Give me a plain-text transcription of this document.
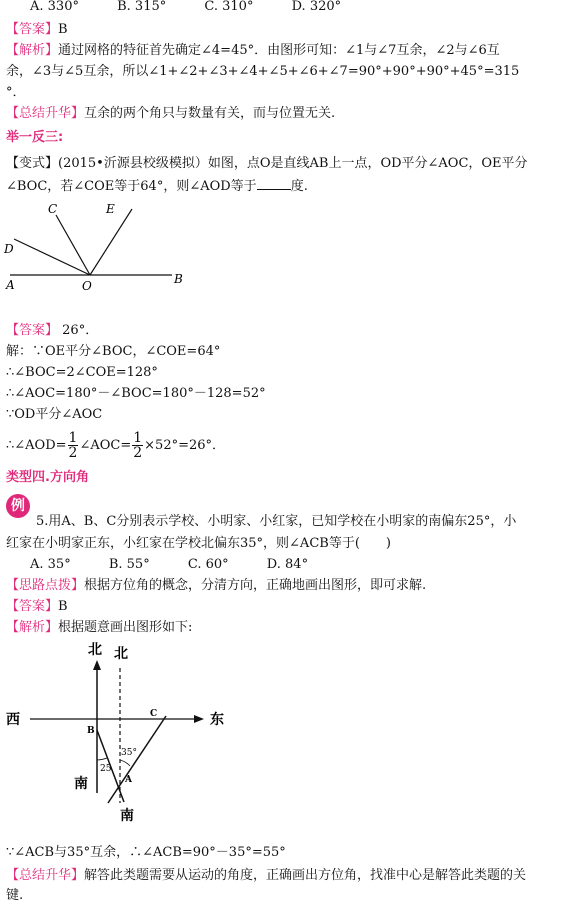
A. 330°	B. 315°	C. 310°	D. 320°
【答案】B
【解析】通过网格的特征首先确定∠4=45°．由图形可知：∠1与∠7互余，∠2与∠6互
余，∠3与∠5互余，所以∠1+∠2+∠3+∠4+∠5+∠6+∠7=90°+90°+90°+45°=315
°．
【总结升华】互余的两个角只与数量有关，而与位置无关.
举一反三:
【变式】(2015•沂源县校级模拟）如图，点O是直线AB上一点，OD平分∠AOC，OE平分
∠BOC，若∠COE等于64°，则∠AOD等于	度.
C	E
D
A	O	B
【答案】 26°．
解：∵OE平分∠BOC，∠COE=64°
∴∠BOC=2∠COE=128°
∴∠AOC=180°－∠BOC=180°－128=52°
∵OD平分∠AOC
∴∠AOD= $\frac{1}{2}$ ∠AOC= $\frac{1}{2} \times 52^\circ=26^\circ$．
类型四.方向角
例
5.用A、B、C分别表示学校、小明家、小红家，已知学校在小明家的南偏东25°，小
红家在小明家正东，小红家在学校北偏东35°，则∠ACB等于(　　)
A. 35°	B. 55°	C. 60°	D. 84°
【思路点拨】根据方位角的概念，分清方向，正确地画出图形，即可求解.
【答案】B
【解析】根据题意画出图形如下:
北 北
西	东
南
南
B
C
A
35°
25
∵∠ACB与35°互余，∴∠ACB=90°－35°=55°
【总结升华】解答此类题需要从运动的角度，正确画出方位角，找准中心是解答此类题的关
键.
